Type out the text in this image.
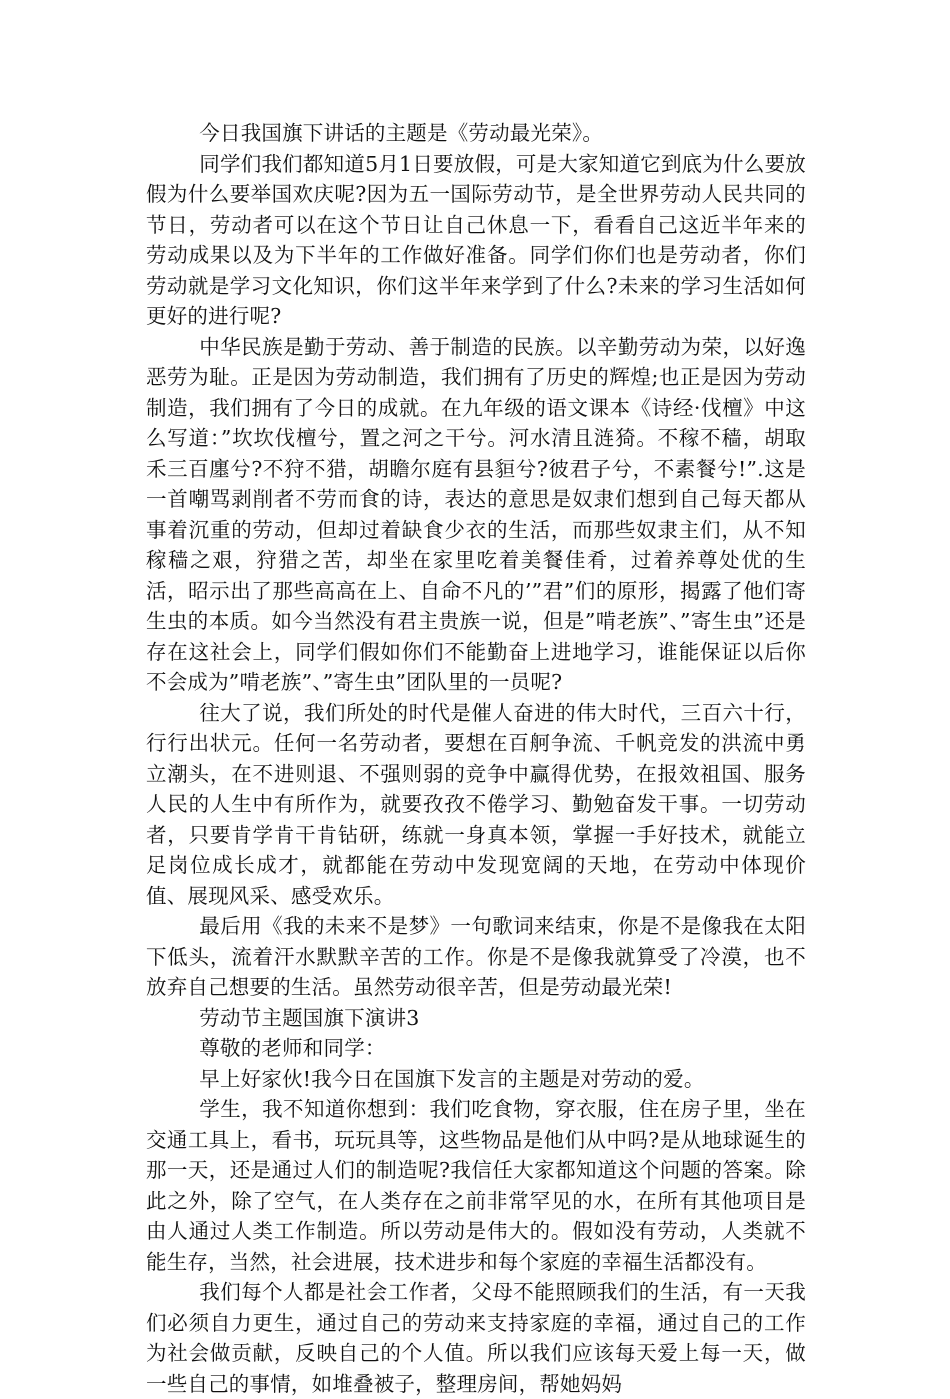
今日我国旗下讲话的主题是《劳动最光荣》。

同学们我们都知道5月1日要放假，可是大家知道它到底为什么要放假为什么要举国欢庆呢?因为五一国际劳动节，是全世界劳动人民共同的节日，劳动者可以在这个节日让自己休息一下，看看自己这近半年来的劳动成果以及为下半年的工作做好准备。同学们你们也是劳动者，你们劳动就是学习文化知识，你们这半年来学到了什么?未来的学习生活如何更好的进行呢?

中华民族是勤于劳动、善于制造的民族。以辛勤劳动为荣，以好逸恶劳为耻。正是因为劳动制造，我们拥有了历史的辉煌;也正是因为劳动制造，我们拥有了今日的成就。在九年级的语文课本《诗经·伐檀》中这么写道：”坎坎伐檀兮，置之河之干兮。河水清且涟猗。不稼不穑，胡取禾三百廛兮?不狩不猎，胡瞻尔庭有县貆兮?彼君子兮，不素餐兮!”.这是一首嘲骂剥削者不劳而食的诗，表达的意思是奴隶们想到自己每天都从事着沉重的劳动，但却过着缺食少衣的生活，而那些奴隶主们，从不知稼穑之艰，狩猎之苦，却坐在家里吃着美餐佳肴，过着养尊处优的生活，昭示出了那些高高在上、自命不凡的’”君”们的原形，揭露了他们寄生虫的本质。如今当然没有君主贵族一说，但是”啃老族”、”寄生虫”还是存在这社会上，同学们假如你们不能勤奋上进地学习，谁能保证以后你不会成为”啃老族”、”寄生虫”团队里的一员呢?

往大了说，我们所处的时代是催人奋进的伟大时代，三百六十行，行行出状元。任何一名劳动者，要想在百舸争流、千帆竞发的洪流中勇立潮头，在不进则退、不强则弱的竞争中赢得优势，在报效祖国、服务人民的人生中有所作为，就要孜孜不倦学习、勤勉奋发干事。一切劳动者，只要肯学肯干肯钻研，练就一身真本领，掌握一手好技术，就能立足岗位成长成才，就都能在劳动中发现宽阔的天地，在劳动中体现价值、展现风采、感受欢乐。

最后用《我的未来不是梦》一句歌词来结束，你是不是像我在太阳下低头，流着汗水默默辛苦的工作。你是不是像我就算受了冷漠，也不放弃自己想要的生活。虽然劳动很辛苦，但是劳动最光荣!

劳动节主题国旗下演讲3

尊敬的老师和同学：

早上好家伙!我今日在国旗下发言的主题是对劳动的爱。

学生，我不知道你想到：我们吃食物，穿衣服，住在房子里，坐在交通工具上，看书，玩玩具等，这些物品是他们从中吗?是从地球诞生的那一天，还是通过人们的制造呢?我信任大家都知道这个问题的答案。除此之外，除了空气，在人类存在之前非常罕见的水，在所有其他项目是由人通过人类工作制造。所以劳动是伟大的。假如没有劳动，人类就不能生存，当然，社会进展，技术进步和每个家庭的幸福生活都没有。

我们每个人都是社会工作者，父母不能照顾我们的生活，有一天我们必须自力更生，通过自己的劳动来支持家庭的幸福，通过自己的工作为社会做贡献，反映自己的个人值。所以我们应该每天爱上每一天，做一些自己的事情，如堆叠被子，整理房间，帮她妈妈
